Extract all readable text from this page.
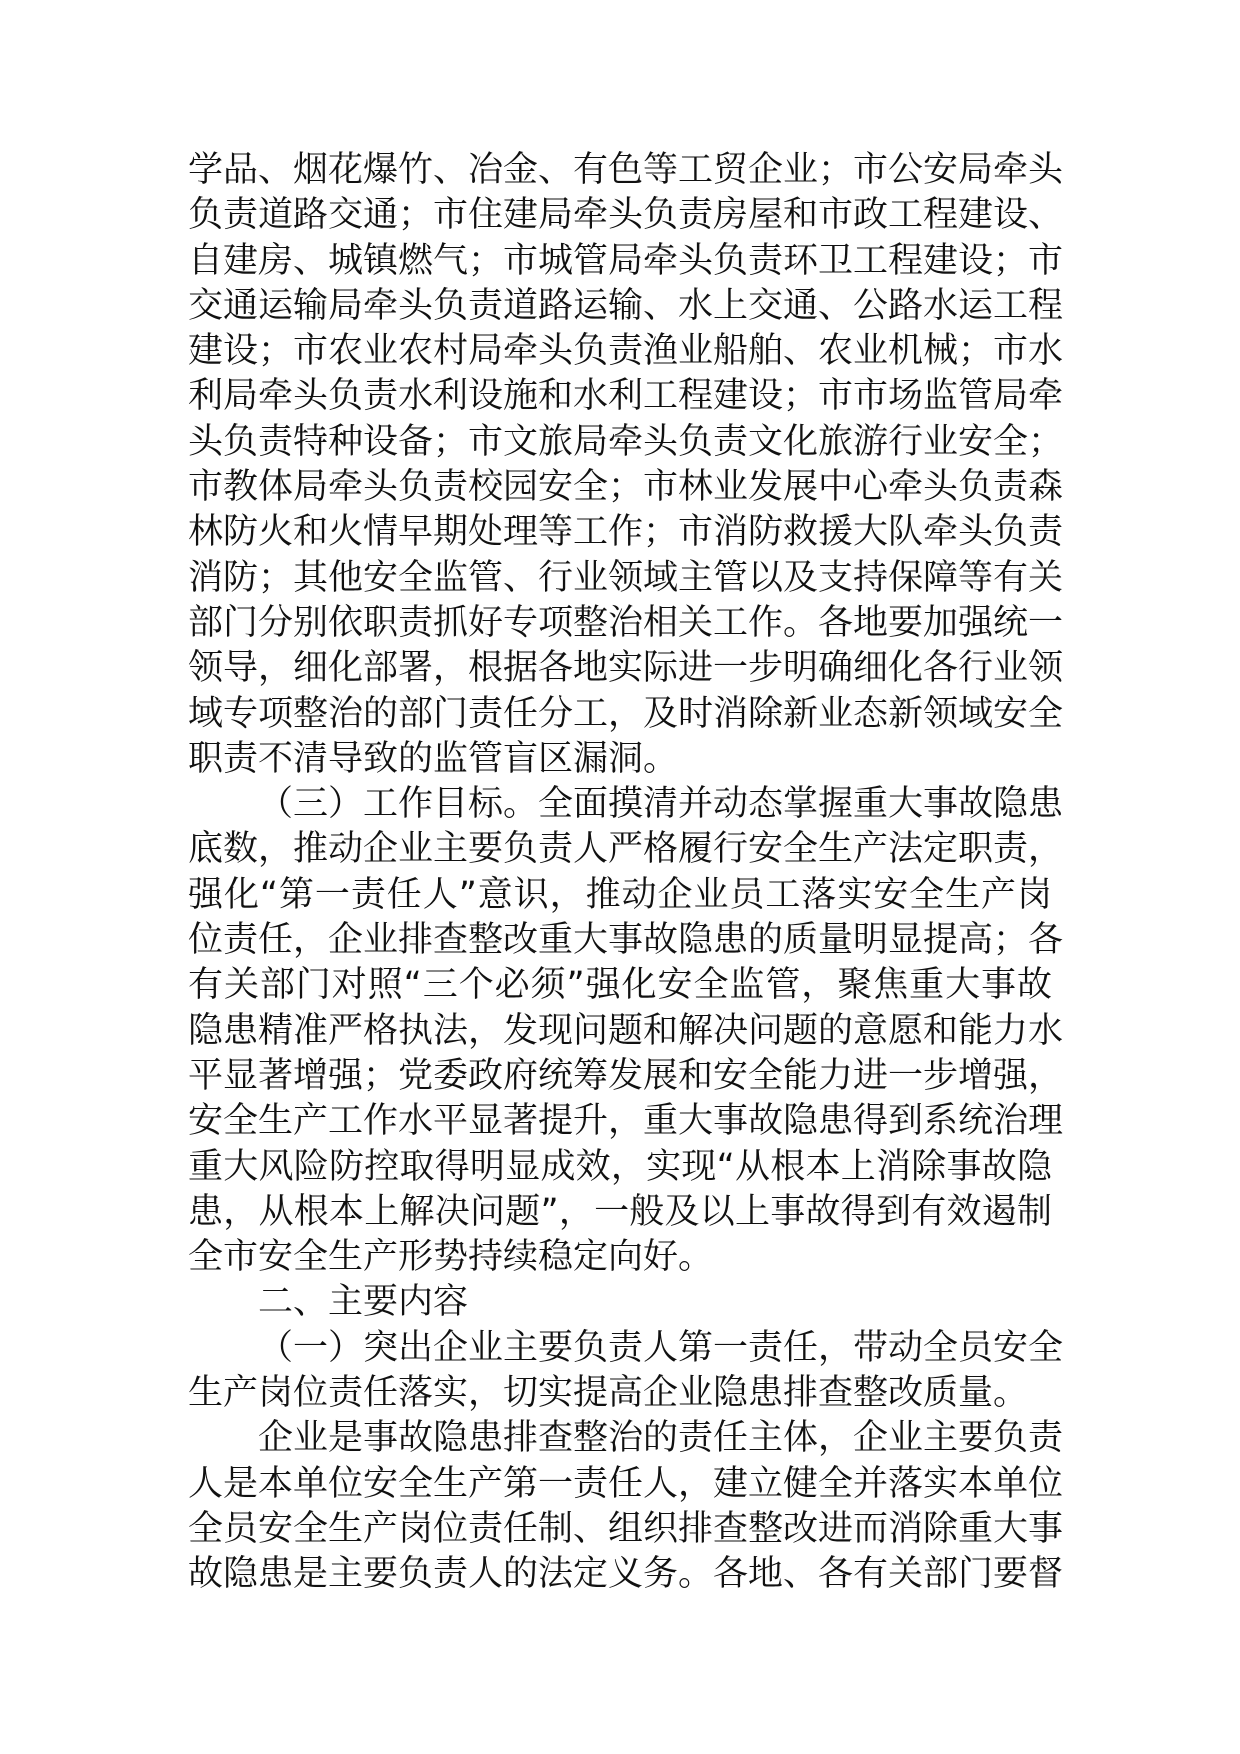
学品、烟花爆竹、冶金、有色等工贸企业；市公安局牵头
负责道路交通；市住建局牵头负责房屋和市政工程建设、
自建房、城镇燃气；市城管局牵头负责环卫工程建设；市
交通运输局牵头负责道路运输、水上交通、公路水运工程
建设；市农业农村局牵头负责渔业船舶、农业机械；市水
利局牵头负责水利设施和水利工程建设；市市场监管局牵
头负责特种设备；市文旅局牵头负责文化旅游行业安全；
市教体局牵头负责校园安全；市林业发展中心牵头负责森
林防火和火情早期处理等工作；市消防救援大队牵头负责
消防；其他安全监管、行业领域主管以及支持保障等有关
部门分别依职责抓好专项整治相关工作。各地要加强统一
领导，细化部署，根据各地实际进一步明确细化各行业领
域专项整治的部门责任分工，及时消除新业态新领域安全
职责不清导致的监管盲区漏洞。
（三）工作目标。全面摸清并动态掌握重大事故隐患
底数，推动企业主要负责人严格履行安全生产法定职责，
强化“第一责任人”意识，推动企业员工落实安全生产岗
位责任，企业排查整改重大事故隐患的质量明显提高；各
有关部门对照“三个必须”强化安全监管，聚焦重大事故
隐患精准严格执法，发现问题和解决问题的意愿和能力水
平显著增强；党委政府统筹发展和安全能力进一步增强，
安全生产工作水平显著提升，重大事故隐患得到系统治理
重大风险防控取得明显成效，实现“从根本上消除事故隐
患，从根本上解决问题”，一般及以上事故得到有效遏制
全市安全生产形势持续稳定向好。
二、主要内容
（一）突出企业主要负责人第一责任，带动全员安全
生产岗位责任落实，切实提高企业隐患排查整改质量。
企业是事故隐患排查整治的责任主体，企业主要负责
人是本单位安全生产第一责任人，建立健全并落实本单位
全员安全生产岗位责任制、组织排查整改进而消除重大事
故隐患是主要负责人的法定义务。各地、各有关部门要督
